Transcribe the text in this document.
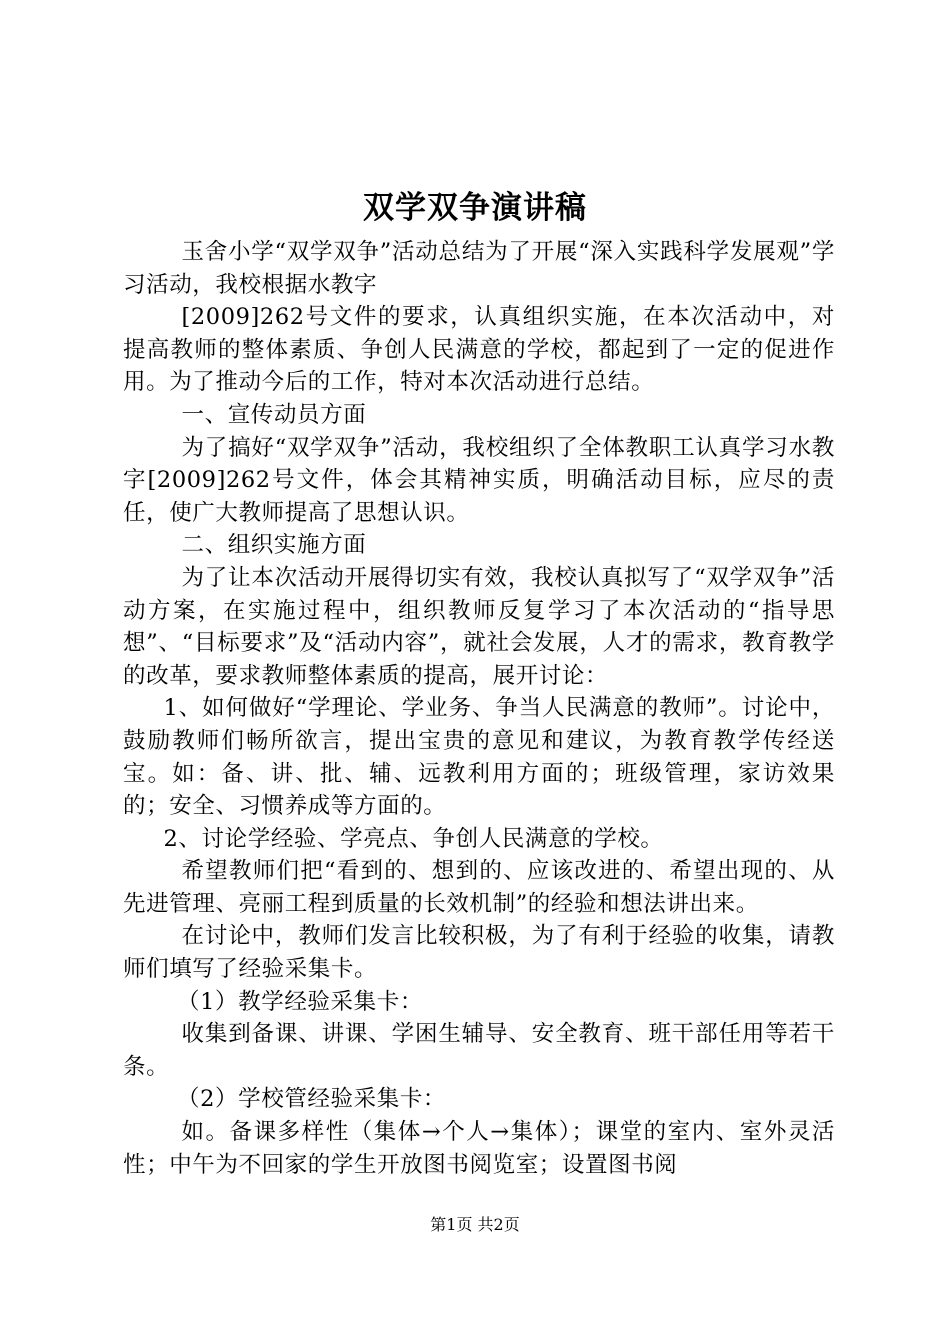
双学双争演讲稿

玉舍小学“双学双争”活动总结为了开展“深入实践科学发展观”学习活动，我校根据水教字

[2009]262号文件的要求，认真组织实施，在本次活动中，对提高教师的整体素质、争创人民满意的学校，都起到了一定的促进作用。为了推动今后的工作，特对本次活动进行总结。

一、宣传动员方面

为了搞好“双学双争”活动，我校组织了全体教职工认真学习水教字[2009]262号文件，体会其精神实质，明确活动目标，应尽的责任，使广大教师提高了思想认识。

二、组织实施方面

为了让本次活动开展得切实有效，我校认真拟写了“双学双争”活动方案，在实施过程中，组织教师反复学习了本次活动的“指导思想”、“目标要求”及“活动内容”，就社会发展，人才的需求，教育教学的改革，要求教师整体素质的提高，展开讨论：

1、如何做好“学理论、学业务、争当人民满意的教师”。讨论中，鼓励教师们畅所欲言，提出宝贵的意见和建议，为教育教学传经送宝。如：备、讲、批、辅、远教利用方面的；班级管理，家访效果的；安全、习惯养成等方面的。

2、讨论学经验、学亮点、争创人民满意的学校。

希望教师们把“看到的、想到的、应该改进的、希望出现的、从先进管理、亮丽工程到质量的长效机制”的经验和想法讲出来。

在讨论中，教师们发言比较积极，为了有利于经验的收集，请教师们填写了经验采集卡。

（1）教学经验采集卡：

收集到备课、讲课、学困生辅导、安全教育、班干部任用等若干条。

（2）学校管经验采集卡：

如。备课多样性（集体→个人→集体）；课堂的室内、室外灵活性；中午为不回家的学生开放图书阅览室；设置图书阅

第1页 共2页
